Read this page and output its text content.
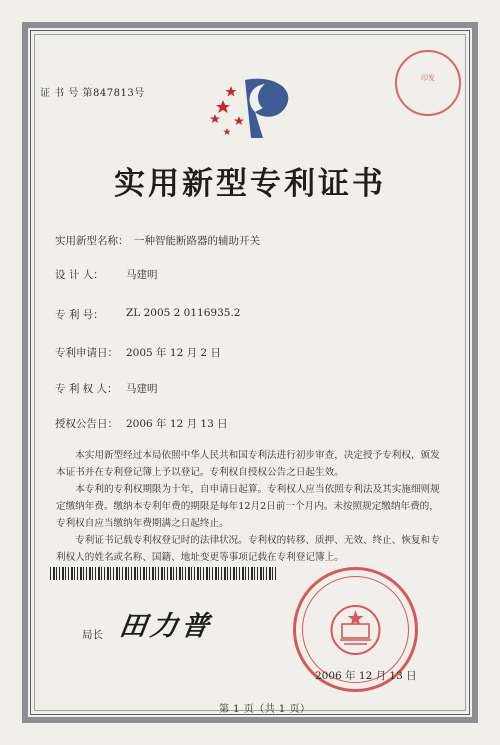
证 书 号 第847813号
印发
实用新型专利证书
实用新型名称： 一种智能断路器的辅助开关
设 计 人： 马建明
专 利 号： ZL 2005 2 0116935.2
专利申请日： 2005 年 12 月 2 日
专 利 权 人： 马建明
授权公告日： 2006 年 12 月 13 日

本实用新型经过本局依照中华人民共和国专利法进行初步审查，决定授予专利权，颁发本证书并在专利登记簿上予以登记。专利权自授权公告之日起生效。

本专利的专利权期限为十年，自申请日起算。专利权人应当依照专利法及其实施细则规定缴纳年费。缴纳本专利年费的期限是每年12月2日前一个月内。未按照规定缴纳年费的，专利权自应当缴纳年费期满之日起终止。

专利证书记载专利权登记时的法律状况。专利权的转移、质押、无效、终止、恢复和专利权人的姓名或名称、国籍、地址变更等事项记载在专利登记簿上。

局长 田力普
2006 年 12 月 13 日
第 1 页（共 1 页）
